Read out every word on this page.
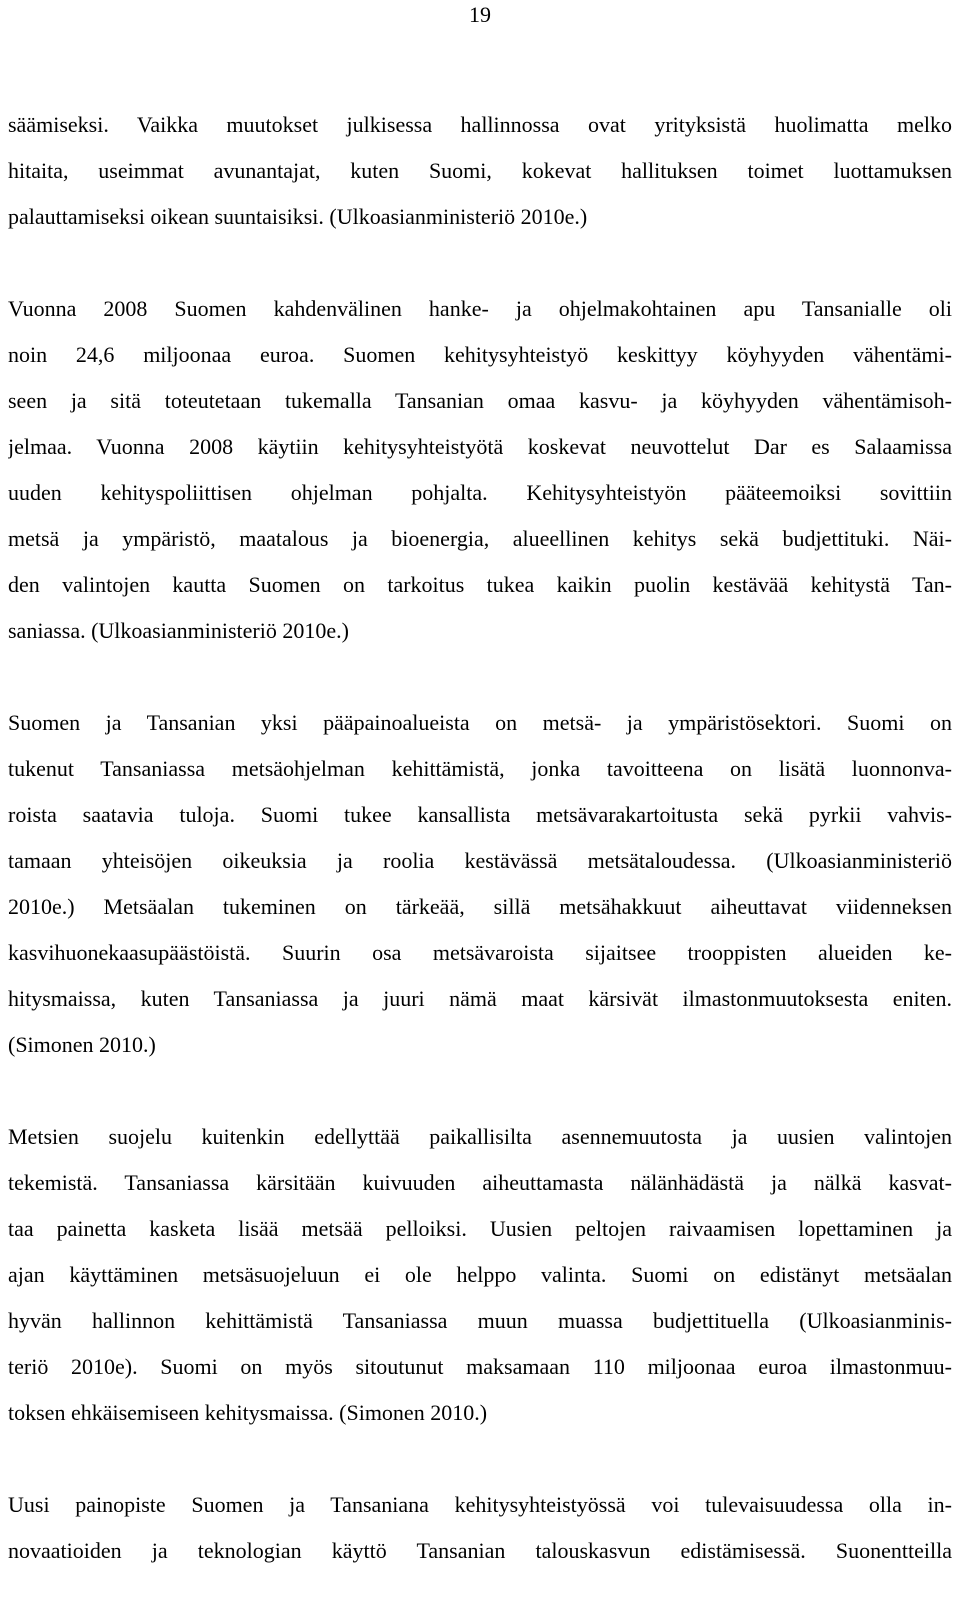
19
säämiseksi. Vaikka muutokset julkisessa hallinnossa ovat yrityksistä huolimatta melko
hitaita, useimmat avunantajat, kuten Suomi, kokevat hallituksen toimet luottamuksen
palauttamiseksi oikean suuntaisiksi. (Ulkoasianministeriö 2010e.)
Vuonna 2008 Suomen kahdenvälinen hanke- ja ohjelmakohtainen apu Tansanialle oli
noin 24,6 miljoonaa euroa. Suomen kehitysyhteistyö keskittyy köyhyyden vähentämi-
seen ja sitä toteutetaan tukemalla Tansanian omaa kasvu- ja köyhyyden vähentämisoh-
jelmaa. Vuonna 2008 käytiin kehitysyhteistyötä koskevat neuvottelut Dar es Salaamissa
uuden kehityspoliittisen ohjelman pohjalta. Kehitysyhteistyön pääteemoiksi sovittiin
metsä ja ympäristö, maatalous ja bioenergia, alueellinen kehitys sekä budjettituki. Näi-
den valintojen kautta Suomen on tarkoitus tukea kaikin puolin kestävää kehitystä Tan-
saniassa. (Ulkoasianministeriö 2010e.)
Suomen ja Tansanian yksi pääpainoalueista on metsä- ja ympäristösektori. Suomi on
tukenut Tansaniassa metsäohjelman kehittämistä, jonka tavoitteena on lisätä luonnonva-
roista saatavia tuloja. Suomi tukee kansallista metsävarakartoitusta sekä pyrkii vahvis-
tamaan yhteisöjen oikeuksia ja roolia kestävässä metsätaloudessa. (Ulkoasianministeriö
2010e.) Metsäalan tukeminen on tärkeää, sillä metsähakkuut aiheuttavat viidenneksen
kasvihuonekaasupäästöistä. Suurin osa metsävaroista sijaitsee trooppisten alueiden ke-
hitysmaissa, kuten Tansaniassa ja juuri nämä maat kärsivät ilmastonmuutoksesta eniten.
(Simonen 2010.)
Metsien suojelu kuitenkin edellyttää paikallisilta asennemuutosta ja uusien valintojen
tekemistä. Tansaniassa kärsitään kuivuuden aiheuttamasta nälänhädästä ja nälkä kasvat-
taa painetta kasketa lisää metsää pelloiksi. Uusien peltojen raivaamisen lopettaminen ja
ajan käyttäminen metsäsuojeluun ei ole helppo valinta. Suomi on edistänyt metsäalan
hyvän hallinnon kehittämistä Tansaniassa muun muassa budjettituella (Ulkoasianminis-
teriö 2010e). Suomi on myös sitoutunut maksamaan 110 miljoonaa euroa ilmastonmuu-
toksen ehkäisemiseen kehitysmaissa. (Simonen 2010.)
Uusi painopiste Suomen ja Tansaniana kehitysyhteistyössä voi tulevaisuudessa olla in-
novaatioiden ja teknologian käyttö Tansanian talouskasvun edistämisessä. Suonentteilla
